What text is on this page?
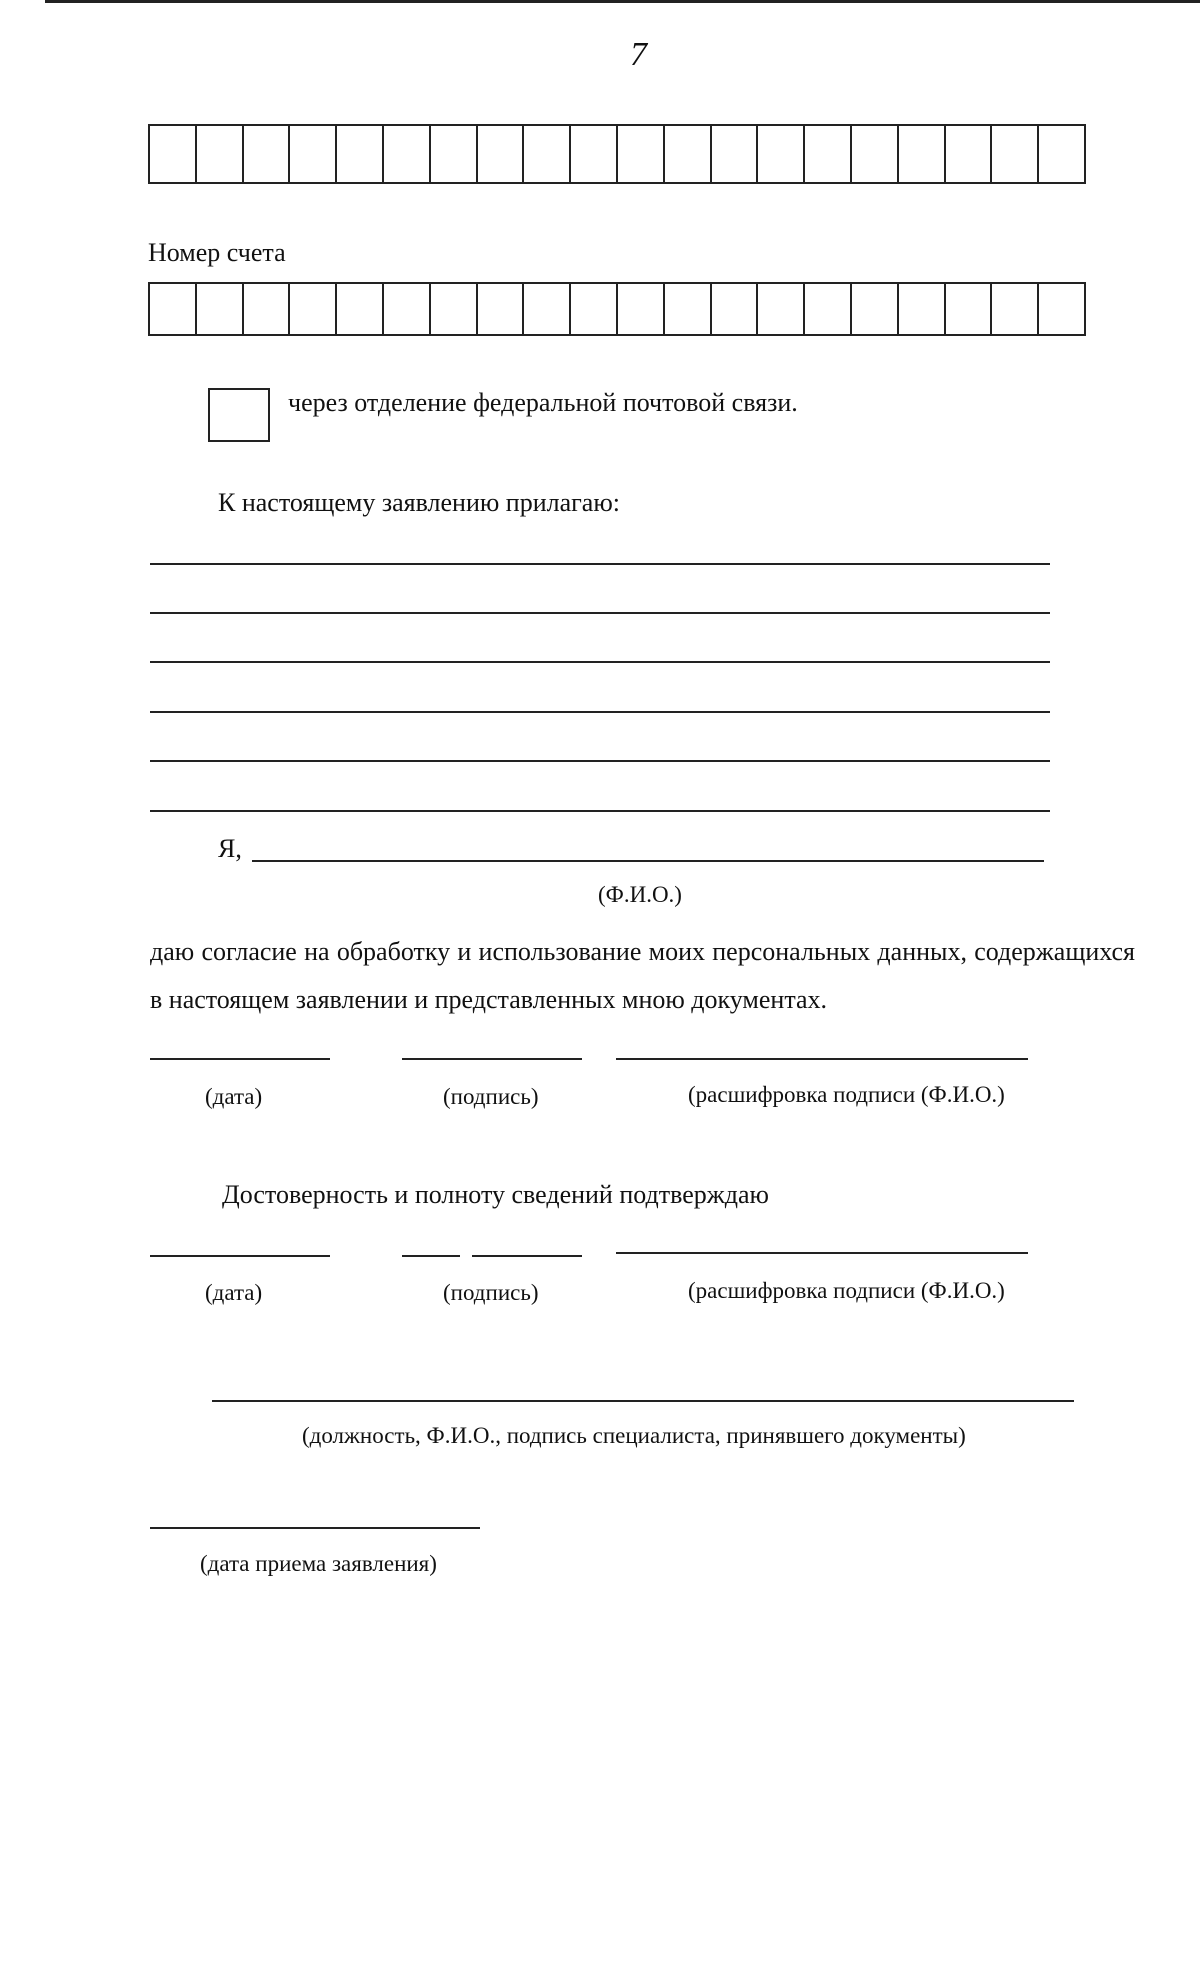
7
Номер счета
через отделение федеральной почтовой связи.
К настоящему заявлению прилагаю:
Я,
(Ф.И.О.)
даю согласие на обработку и использование моих персональных данных, содержащихся в настоящем заявлении и представленных мною документах.
(дата)	(подпись)	(расшифровка подписи (Ф.И.О.)
Достоверность и полноту сведений подтверждаю
(дата)	(подпись)	(расшифровка подписи (Ф.И.О.)
(должность, Ф.И.О., подпись специалиста, принявшего документы)
(дата приема заявления)
